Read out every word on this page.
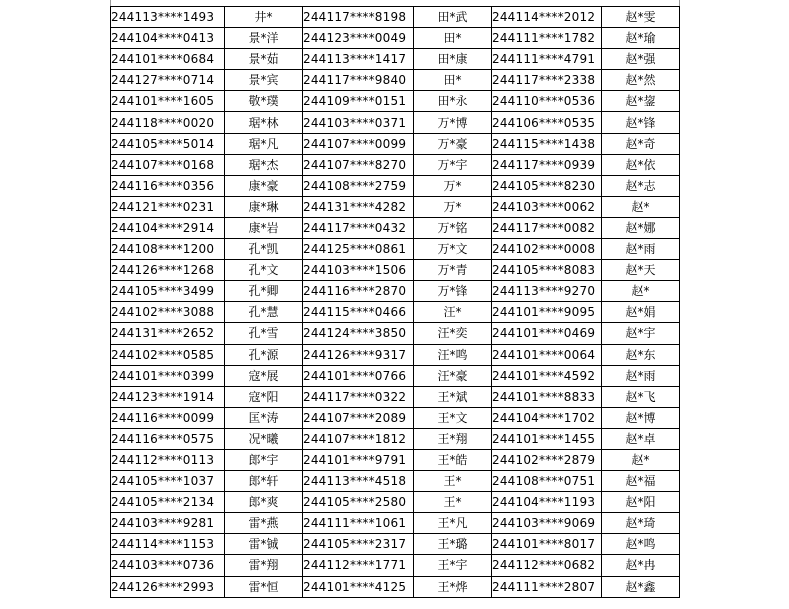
244113****1493	井*	244117****8198	田*武	244114****2012	赵*雯
244104****0413	景*洋	244123****0049	田*	244111****1782	赵*瑜
244101****0684	景*茹	244113****1417	田*康	244111****4791	赵*强
244127****0714	景*宾	244117****9840	田*	244117****2338	赵*然
244101****1605	敬*璞	244109****0151	田*永	244110****0536	赵*鋆
244118****0020	琚*林	244103****0371	万*博	244106****0535	赵*锋
244105****5014	琚*凡	244107****0099	万*豪	244115****1438	赵*奇
244107****0168	琚*杰	244107****8270	万*宇	244117****0939	赵*依
244116****0356	康*豪	244108****2759	万*	244105****8230	赵*志
244121****0231	康*琳	244131****4282	万*	244103****0062	赵*
244104****2914	康*岩	244117****0432	万*铭	244117****0082	赵*娜
244108****1200	孔*凯	244125****0861	万*文	244102****0008	赵*雨
244126****1268	孔*文	244103****1506	万*青	244105****8083	赵*天
244105****3499	孔*卿	244116****2870	万*锋	244113****9270	赵*
244102****3088	孔*慧	244115****0466	汪*	244101****9095	赵*娟
244131****2652	孔*雪	244124****3850	汪*奕	244101****0469	赵*宇
244102****0585	孔*源	244126****9317	汪*鸣	244101****0064	赵*东
244101****0399	寇*展	244101****0766	汪*豪	244101****4592	赵*雨
244123****1914	寇*阳	244117****0322	王*斌	244101****8833	赵*飞
244116****0099	匡*涛	244107****2089	王*文	244104****1702	赵*博
244116****0575	况*曦	244107****1812	王*翔	244101****1455	赵*卓
244112****0113	郎*宇	244101****9791	王*皓	244102****2879	赵*
244105****1037	郎*轩	244113****4518	王*	244108****0751	赵*福
244105****2134	郎*爽	244105****2580	王*	244104****1193	赵*阳
244103****9281	雷*燕	244111****1061	王*凡	244103****9069	赵*琦
244114****1153	雷*铖	244105****2317	王*璐	244101****8017	赵*鸣
244103****0736	雷*翔	244112****1771	王*宇	244112****0682	赵*冉
244126****2993	雷*恒	244101****4125	王*烨	244111****2807	赵*鑫
